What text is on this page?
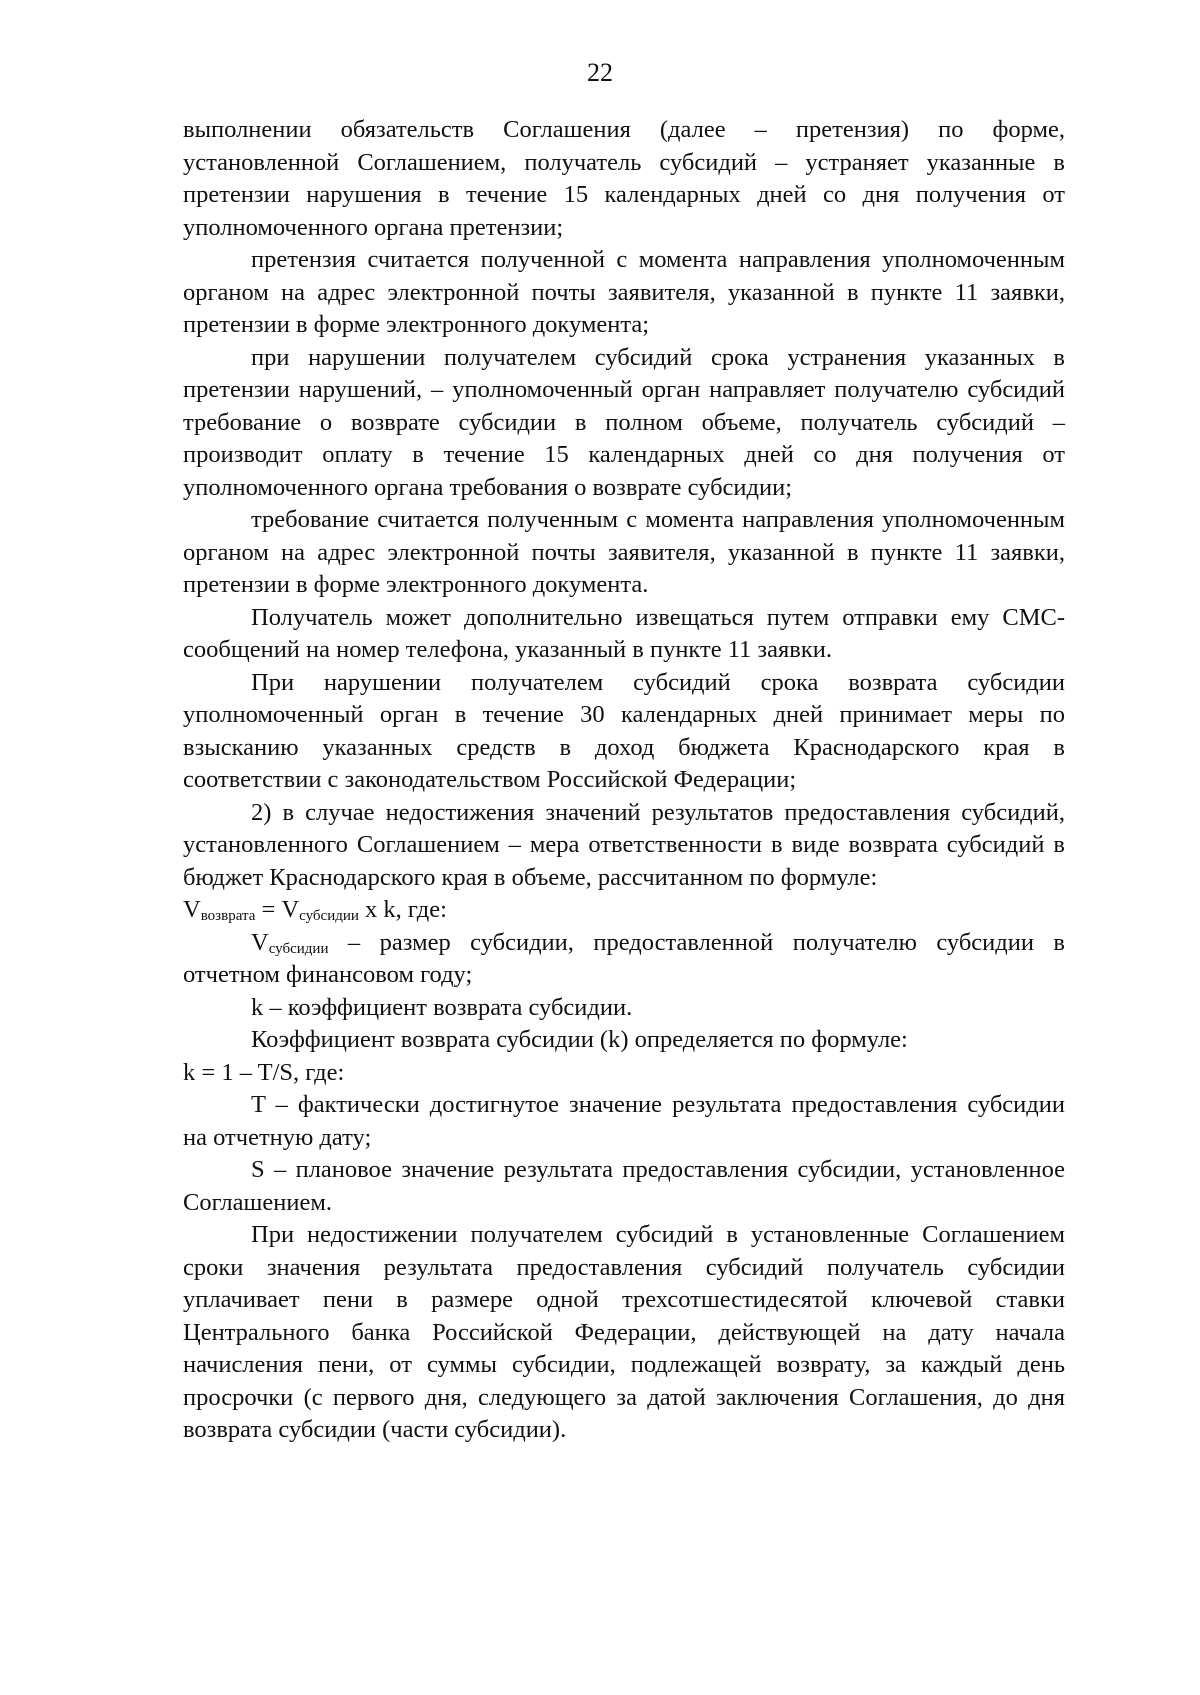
22

выполнении обязательств Соглашения (далее – претензия) по форме, установленной Соглашением, получатель субсидий – устраняет указанные в претензии нарушения в течение 15 календарных дней со дня получения от уполномоченного органа претензии;

претензия считается полученной с момента направления уполномоченным органом на адрес электронной почты заявителя, указанной в пункте 11 заявки, претензии в форме электронного документа;

при нарушении получателем субсидий срока устранения указанных в претензии нарушений, – уполномоченный орган направляет получателю субсидий требование о возврате субсидии в полном объеме, получатель субсидий – производит оплату в течение 15 календарных дней со дня получения от уполномоченного органа требования о возврате субсидии;

требование считается полученным с момента направления уполномоченным органом на адрес электронной почты заявителя, указанной в пункте 11 заявки, претензии в форме электронного документа.

Получатель может дополнительно извещаться путем отправки ему СМС-сообщений на номер телефона, указанный в пункте 11 заявки.

При нарушении получателем субсидий срока возврата субсидии уполномоченный орган в течение 30 календарных дней принимает меры по взысканию указанных средств в доход бюджета Краснодарского края в соответствии с законодательством Российской Федерации;

2) в случае недостижения значений результатов предоставления субсидий, установленного Соглашением – мера ответственности в виде возврата субсидий в бюджет Краснодарского края в объеме, рассчитанном по формуле:

$V_{возврата} = V_{субсидии}$ x k, где:

$V_{субсидии}$ – размер субсидии, предоставленной получателю субсидии в отчетном финансовом году;

k – коэффициент возврата субсидии.

Коэффициент возврата субсидии (k) определяется по формуле:

k = 1 – T/S, где:

T – фактически достигнутое значение результата предоставления субсидии на отчетную дату;

S – плановое значение результата предоставления субсидии, установленное Соглашением.

При недостижении получателем субсидий в установленные Соглашением сроки значения результата предоставления субсидий получатель субсидии уплачивает пени в размере одной трехсотшестидесятой ключевой ставки Центрального банка Российской Федерации, действующей на дату начала начисления пени, от суммы субсидии, подлежащей возврату, за каждый день просрочки (с первого дня, следующего за датой заключения Соглашения, до дня возврата субсидии (части субсидии).
